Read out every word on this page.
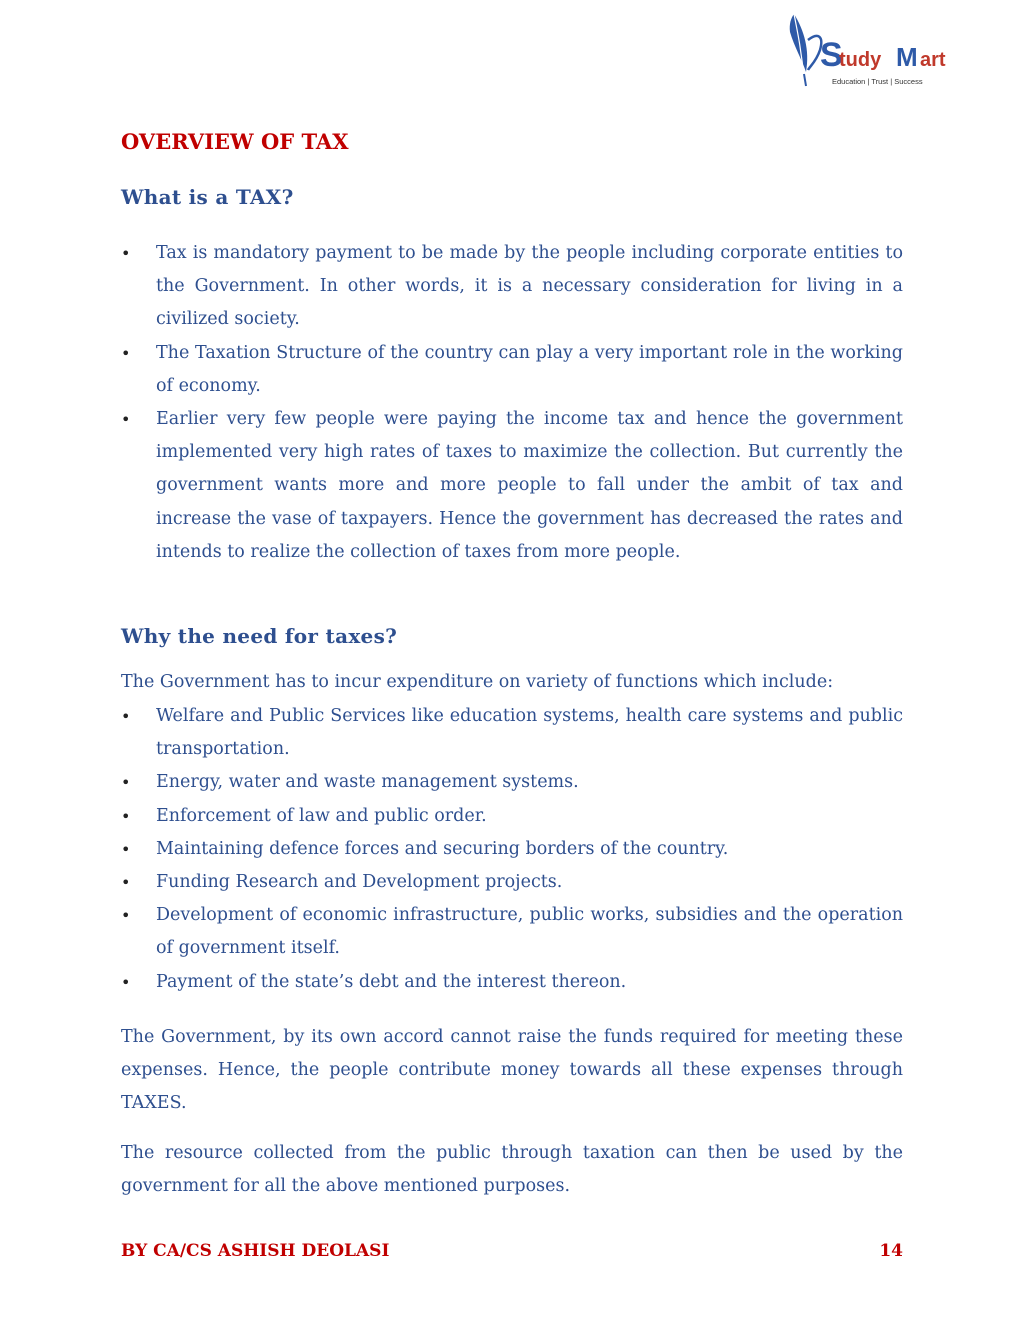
S
tudy M art
Education | Trust | Success
OVERVIEW OF TAX
What is a TAX?
• Tax is mandatory payment to be made by the people including corporate entities to the Government. In other words, it is a necessary consideration for living in a civilized society.
• The Taxation Structure of the country can play a very important role in the working of economy.
• Earlier very few people were paying the income tax and hence the government implemented very high rates of taxes to maximize the collection. But currently the government wants more and more people to fall under the ambit of tax and increase the vase of taxpayers. Hence the government has decreased the rates and intends to realize the collection of taxes from more people.
Why the need for taxes?

The Government has to incur expenditure on variety of functions which include:

• Welfare and Public Services like education systems, health care systems and public transportation.
• Energy, water and waste management systems.
• Enforcement of law and public order.
• Maintaining defence forces and securing borders of the country.
• Funding Research and Development projects.
• Development of economic infrastructure, public works, subsidies and the operation of government itself.
• Payment of the state’s debt and the interest thereon.

The Government, by its own accord cannot raise the funds required for meeting these expenses. Hence, the people contribute money towards all these expenses through TAXES.

The resource collected from the public through taxation can then be used by the government for all the above mentioned purposes.

BY CA/CS ASHISH DEOLASI	14
